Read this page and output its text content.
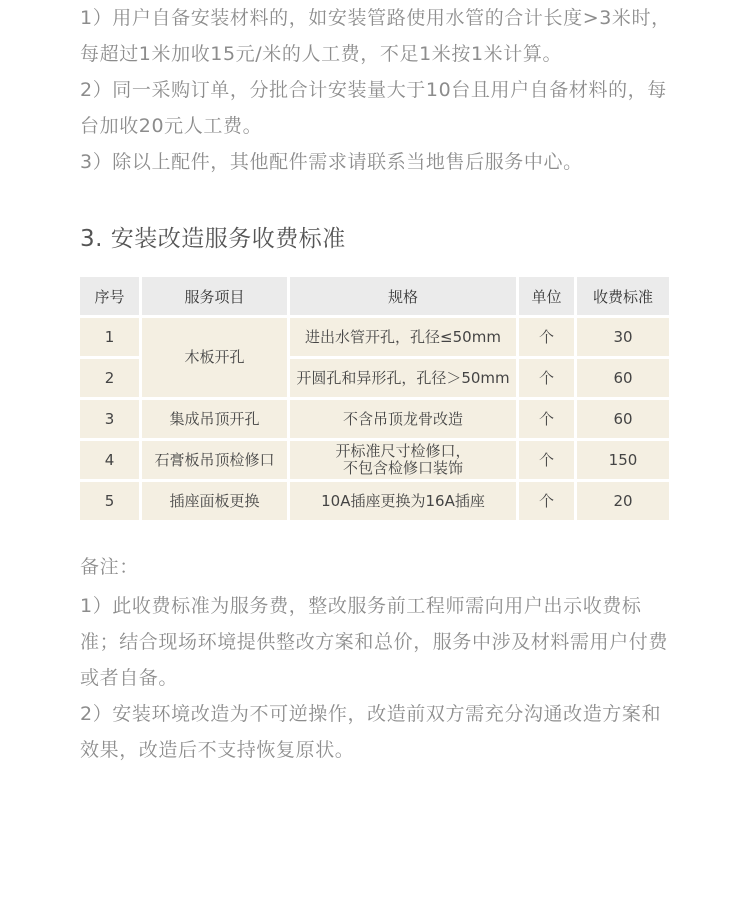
1）用户自备安装材料的，如安装管路使用水管的合计长度>3米时，每超过1米加收15元/米的人工费，不足1米按1米计算。

2）同一采购订单，分批合计安装量大于10台且用户自备材料的，每台加收20元人工费。

3）除以上配件，其他配件需求请联系当地售后服务中心。

3. 安装改造服务收费标准
序号	服务项目	规格	单位	收费标准
1	木板开孔	进出水管开孔，孔径≤50mm	个	30
2		开圆孔和异形孔，孔径＞50mm	个	60
3	集成吊顶开孔	不含吊顶龙骨改造	个	60
4	石膏板吊顶检修口	开标准尺寸检修口，
不包含检修口装饰	个	150
5	插座面板更换	10A插座更换为16A插座	个	20

备注：

1）此收费标准为服务费，整改服务前工程师需向用户出示收费标准；结合现场环境提供整改方案和总价，服务中涉及材料需用户付费或者自备。

2）安装环境改造为不可逆操作，改造前双方需充分沟通改造方案和效果，改造后不支持恢复原状。
